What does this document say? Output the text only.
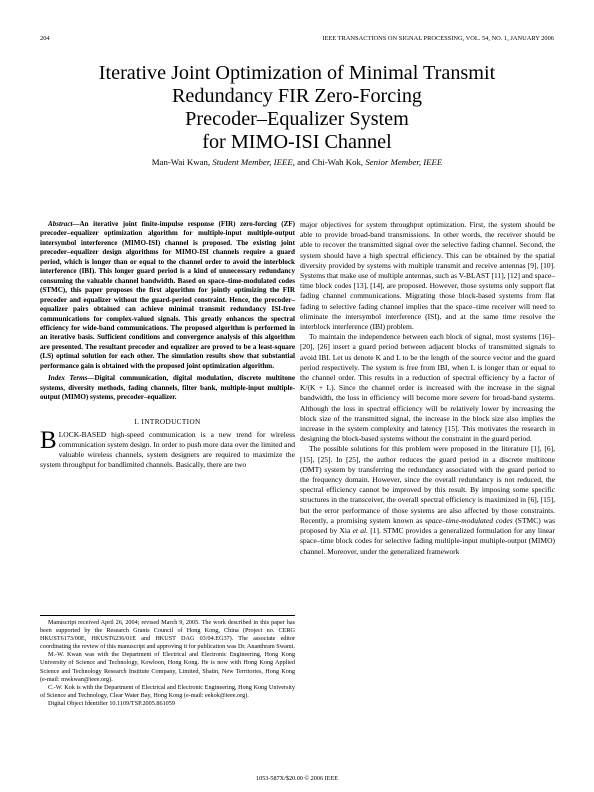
204	IEEE TRANSACTIONS ON SIGNAL PROCESSING, VOL. 54, NO. 1, JANUARY 2006
Iterative Joint Optimization of Minimal Transmit
Redundancy FIR Zero-Forcing
Precoder–Equalizer System
for MIMO-ISI Channel
Man-Wai Kwan, Student Member, IEEE, and Chi-Wah Kok, Senior Member, IEEE

Abstract—An iterative joint finite-impulse response (FIR) zero-forcing (ZF) precoder–equalizer optimization algorithm for multiple-input multiple-output intersymbol interference (MIMO-ISI) channel is proposed. The existing joint precoder–equalizer design algorithms for MIMO-ISI channels require a guard period, which is longer than or equal to the channel order to avoid the interblock interference (IBI). This longer guard period is a kind of unnecessary redundancy consuming the valuable channel bandwidth. Based on space–time-modulated codes (STMC), this paper proposes the first algorithm for jointly optimizing the FIR precoder and equalizer without the guard-period constraint. Hence, the precoder–equalizer pairs obtained can achieve minimal transmit redundancy ISI-free communications for complex-valued signals. This greatly enhances the spectral efficiency for wide-band communications. The proposed algorithm is performed in an iterative basis. Sufficient conditions and convergence analysis of this algorithm are presented. The resultant precoder and equalizer are proved to be a least-square (LS) optimal solution for each other. The simulation results show that substantial performance gain is obtained with the proposed joint optimization algorithm.

Index Terms—Digital communication, digital modulation, discrete multitone systems, diversity methods, fading channels, filter bank, multiple-input multiple-output (MIMO) systems, precoder–equalizer.

I. INTRODUCTION

BLOCK-BASED high-speed communication is a new trend for wireless communication system design. In order to push more data over the limited and valuable wireless channels, system designers are required to maximize the system throughput for bandlimited channels. Basically, there are two

Manuscript received April 26, 2004; revised March 9, 2005. The work described in this paper has been supported by the Research Grants Council of Hong Kong, China (Project no. CERG HKUST6173/00E, HKUST6236/01E and HKUST DAG 03/04.EG37). The associate editor coordinating the review of this manuscript and approving it for publication was Dr. Ananthram Swami.

M.-W. Kwan was with the Department of Electrical and Electronic Engineering, Hong Kong University of Science and Technology, Kowloon, Hong Kong. He is now with Hong Kong Applied Science and Technology Research Institute Company, Limited, Shatin, New Territories, Hong Kong (e-mail: mwkwan@ieee.org).

C.-W. Kok is with the Department of Electrical and Electronic Engineering, Hong Kong University of Science and Technology, Clear Water Bay, Hong Kong (e-mail: eekok@ieee.org).

Digital Object Identifier 10.1109/TSP.2005.861059

major objectives for system throughput optimization. First, the system should be able to provide broad-band transmissions. In other words, the receiver should be able to recover the transmitted signal over the selective fading channel. Second, the system should have a high spectral efficiency. This can be obtained by the spatial diversity provided by systems with multiple transmit and receive antennas [9], [10]. Systems that make use of multiple antennas, such as V-BLAST [11], [12] and space–time block codes [13], [14], are proposed. However, those systems only support flat fading channel communications. Migrating those block-based systems from flat fading to selective fading channel implies that the space–time receiver will need to eliminate the intersymbol interference (ISI), and at the same time resolve the interblock interference (IBI) problem.

To maintain the independence between each block of signal, most systems [16]–[20], [26] insert a guard period between adjacent blocks of transmitted signals to avoid IBI. Let us denote K and L to be the length of the source vector and the guard period respectively. The system is free from IBI, when L is longer than or equal to the channel order. This results in a reduction of spectral efficiency by a factor of K/(K + L). Since the channel order is increased with the increase in the signal bandwidth, the loss in efficiency will become more severe for broad-band systems. Although the loss in spectral efficiency will be relatively lower by increasing the block size of the transmitted signal, the increase in the block size also implies the increase in the system complexity and latency [15]. This motivates the research in designing the block-based systems without the constraint in the guard period.

The possible solutions for this problem were proposed in the literature [1], [6], [15], [25]. In [25], the author reduces the guard period in a discrete multitone (DMT) system by transferring the redundancy associated with the guard period to the frequency domain. However, since the overall redundancy is not reduced, the spectral efficiency cannot be improved by this result. By imposing some specific structures in the transceiver, the overall spectral efficiency is maximized in [6], [15], but the error performance of those systems are also affected by those constraints. Recently, a promising system known as space–time-modulated codes (STMC) was proposed by Xia et al. [1]. STMC provides a generalized formulation for any linear space–time block codes for selective fading multiple-input multiple-output (MIMO) channel. Moreover, under the generalized framework

1053-587X/$20.00 © 2006 IEEE
